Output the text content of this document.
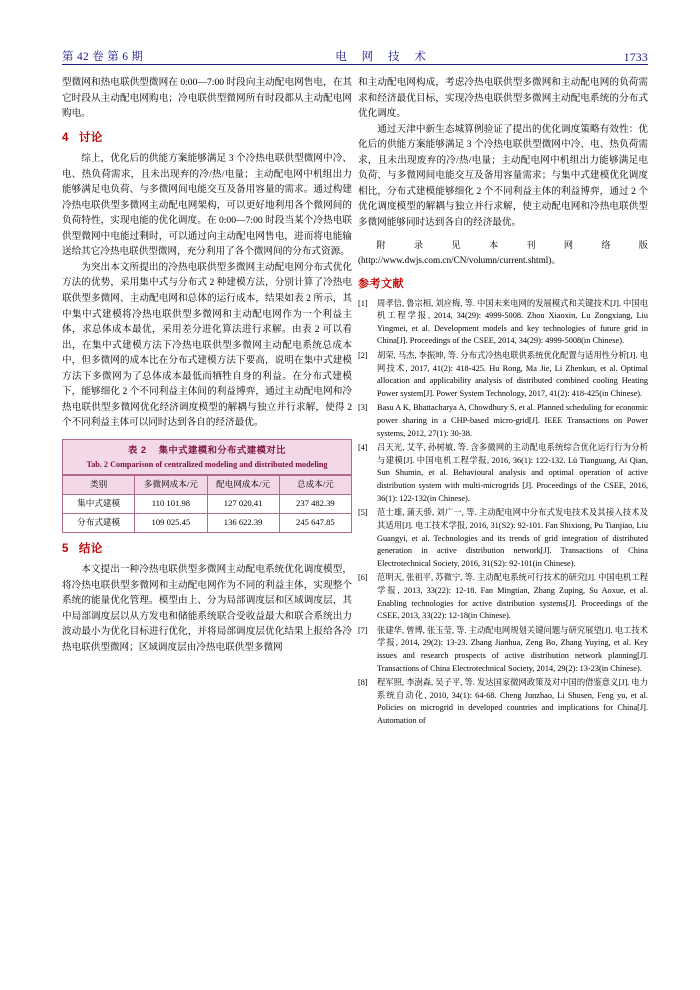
第 42 卷 第 6 期	电 网 技 术	1733

型微网和热电联供型微网在 0:00—7:00 时段向主动配电网售电，在其它时段从主动配电网购电；冷电联供型微网所有时段都从主动配电网购电。

4 讨论

综上，优化后的供能方案能够满足 3 个冷热电联供型微网中冷、电、热负荷需求，且未出现弃的冷/热/电量；主动配电网中机组出力能够满足电负荷、与多微网间电能交互及备用容量的需求。通过构建冷热电联供型多微网主动配电网架构，可以更好地利用各个微网间的负荷特性，实现电能的优化调度。在 0:00—7:00 时段当某个冷热电联供型微网中电能过剩时，可以通过向主动配电网售电，进而将电能输送给其它冷热电联供型微网，充分利用了各个微网间的分布式资源。

为突出本文所提出的冷热电联供型多微网主动配电网分布式优化方法的优势，采用集中式与分布式 2 种建模方法，分别计算了冷热电联供型多微网、主动配电网和总体的运行成本，结果如表 2 所示，其中集中式建模将冷热电联供型多微网和主动配电网作为一个利益主体，求总体成本最优，采用差分进化算法进行求解。由表 2 可以看出，在集中式建模方法下冷热电联供型多微网主动配电系统总成本中，但多微网的成本比在分布式建模方法下要高，说明在集中式建模方法下多微网为了总体成本最低而牺牲自身的利益。在分布式建模下，能够细化 2 个不同利益主体间的利益博弈，通过主动配电网和冷热电联供型多微网优化经济调度模型的解耦与独立并行求解，使得 2 个不同利益主体可以同时达到各自的经济最优。

表 2 集中式建模和分布式建模对比
Tab. 2 Comparison of centralized modeling and distributed modeling
类别	多微网成本/元	配电网成本/元	总成本/元
集中式建模	110 101.98	127 020.41	237 482.39
分布式建模	109 025.45	136 622.39	245 647.85
5 结论

本文提出一种冷热电联供型多微网主动配电系统优化调度模型，将冷热电联供型多微网和主动配电网作为不同的利益主体，实现整个系统的能量优化管理。模型由上、分为局部调度层和区域调度层，其中局部调度层以从方发电和储能系统联合受收益最大和联合系统出力波动最小为优化目标进行优化，并将局部调度层优化结果上报给各冷热电联供型微网；区域调度层由冷热电联供型多微网

和主动配电网构成，考虑冷热电联供型多微网和主动配电网的负荷需求和经济最优目标，实现冷热电联供型多微网主动配电系统的分布式优化调度。

通过天津中新生态城算例验证了提出的优化调度策略有效性：优化后的供能方案能够满足 3 个冷热电联供型微网中冷、电、热负荷需求，且未出现废弃的冷/热/电量；主动配电网中机组出力能够满足电负荷、与多微网间电能交互及备用容量需求；与集中式建模优化调度相比，分布式建模能够细化 2 个不同利益主体的利益博弈，通过 2 个优化调度模型的解耦与独立并行求解，使主动配电网和冷热电联供型多微网能够同时达到各自的经济最优。

附录见本刊网络版(http://www.dwjs.com.cn/CN/volumn/current.shtml)。

参考文献
[1]	周孝信, 鲁宗相, 刘应梅, 等. 中国未来电网的发展模式和关键技术[J]. 中国电机工程学报, 2014, 34(29): 4999-5008. Zhou Xiaoxin, Lu Zongxiang, Liu Yingmei, et al. Development models and key technologies of future grid in China[J]. Proceedings of the CSEE, 2014, 34(29): 4999-5008(in Chinese).
[2]	胡荣, 马杰, 李振坤, 等. 分布式冷热电联供系统优化配置与适用性分析[J]. 电网技术, 2017, 41(2): 418-425. Hu Rong, Ma Jie, Li Zhenkun, et al. Optimal allocation and applicability analysis of distributed combined cooling Heating Power system[J]. Power System Technology, 2017, 41(2): 418-425(in Chinese).
[3]	Basu A K, Bhattacharya A, Chowdhury S, et al. Planned scheduling for economic power sharing in a CHP-based micro-grid[J]. IEEE Transactions on Power systems, 2012, 27(1): 30-38.
[4]	吕天光, 艾芊, 孙树敏, 等. 含多微网的主动配电系统综合优化运行行为分析与建模[J]. 中国电机工程学报, 2016, 36(1): 122-132. Lü Tianguang, Ai Qian, Sun Shumin, et al. Behavioural analysis and optimal operation of active distribution system with multi-microgrids [J]. Proceedings of the CSEE, 2016, 36(1): 122-132(in Chinese).
[5]	范士雄, 蒲天骄, 刘广一, 等. 主动配电网中分布式发电技术及其接入技术及其适用[J]. 电工技术学报, 2016, 31(S2): 92-101. Fan Shixiong, Pu Tianjiao, Liu Guangyi, et al. Technologies and its trends of grid integration of distributed generation in active distribution network[J]. Transactions of China Electrotechnical Society, 2016, 31(S2): 92-101(in Chinese).
[6]	范明天, 张祖平, 苏微宁, 等. 主动配电系统可行技术的研究[J]. 中国电机工程学报, 2013, 33(22): 12-18. Fan Mingtian, Zhang Zuping, Su Aoxue, et al. Enabling technologies for active distribution systems[J]. Proceedings of the CSEE, 2013, 33(22): 12-18(in Chinese).
[7]	张建华, 曾博, 张玉莹, 等. 主动配电网规划关键问题与研究展望[J]. 电工技术学报, 2014, 29(2): 13-23. Zhang Jianhua, Zeng Bo, Zhang Yuying, et al. Key issues and research prospects of active distribution network planning[J]. Transactions of China Electrotechnical Society, 2014, 29(2): 13-23(in Chinese).
[8]	程军照, 李澍森, 吴子平, 等. 发达国家微网政策及对中国的借鉴意义[J]. 电力系统自动化, 2010, 34(1): 64-68. Cheng Junzhao, Li Shusen, Feng yu, et al. Policies on microgrid in developed countries and implications for China[J]. Automation of
